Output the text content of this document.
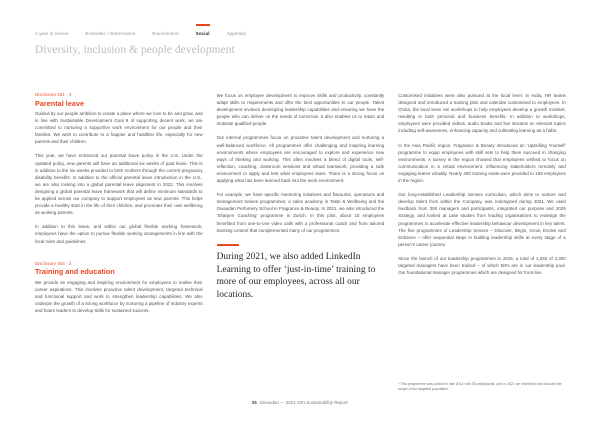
A year in review	Economic / Governance	Environment	Social	Appendix
Diversity, inclusion & people development
Disclosure 401 - 3
Parental leave

Guided by our people ambition to create a place where we love to be and grow, and in line with Sustainable Development Goal 8 of supporting decent work, we are committed to nurturing a supportive work environment for our people and their families. We wish to contribute to a happier and healthier life, especially for new parents and their children.

This year, we have enhanced our parental leave policy in the U.S. Under the updated policy, new parents will have an additional six weeks of paid leave. This is in addition to the six weeks provided to birth mothers through the current pregnancy disability benefits. In addition to the official parental leave introduction in the U.S., we are also looking into a global parental leave alignment in 2022. This involves designing a global parental leave framework that will define minimum standards to be applied across our company to support employees as new parents. This helps provide a healthy start in the life of their children, and promotes their own wellbeing as working parents.

In addition to this leave, and within our global flexible working framework, employees have the option to pursue flexible working arrangements in line with the local rules and guidelines.

Disclosure 404 - 2
Training and education

We provide an engaging and inspiring environment for employees to realise their career aspirations. This involves proactive talent development, targeted technical and functional support and work to strengthen leadership capabilities. We also underpin the growth of a strong workforce by nurturing a pipeline of industry experts and future leaders to develop skills for sustained success.

We focus on employee development to improve skills and productivity, constantly adapt skills to requirements and offer the best opportunities to our people. Talent development involves developing leadership capabilities and ensuring we have the people who can deliver on the needs of tomorrow. It also enables us to retain and motivate qualified people.

Our internal programmes focus on proactive talent development and nurturing a well-balanced workforce. All programmes offer challenging and inspiring learning environments where employees are encouraged to explore and experience new ways of thinking and working. This often involves a blend of digital tools, self-reflection, coaching, classroom sessions and virtual teamwork, providing a safe environment to apply and test what employees learn. There is a strong focus on applying what has been learned back into the work environment.

For example, we have specific mentoring initiatives and flavourist, operations and management trainee programmes; a sales academy in Taste & Wellbeing and the Givaudan Perfumery School in Fragrance & Beauty. In 2021, we also introduced the 'Sharpen Coaching' programme in Zurich. In this pilot, about 10 employees benefited from one-to-one video calls with a professional coach and from tailored learning content that complemented many of our programmes.

During 2021, we also added LinkedIn Learning to offer ‘just-in-time’ training to more of our employees, across all our locations.

Customised initiatives were also pursued at the local level. In India, HR teams designed and introduced a training plan and calendar customised to employees. In China, the local team ran workshops to help employees develop a growth mindset, resulting in both personal and business benefits. In addition to workshops, employees were provided videos, audio books and live streams on relevant topics including self-awareness, enhancing capacity and cultivating learning as a habit.

In the Asia Pacific region, Fragrance & Beauty introduced an ‘Upskilling Yourself’ programme to equip employees with skill sets to help them succeed in changing environments. A survey in the region showed that employees wished to focus on communication in a virtual environment, influencing stakeholders remotely and engaging teams virtually. Nearly 400 training seats were provided to 168 employees in the region.

Our long-established Leadership Senses curriculum, which aims to nurture and develop talent from within the Company, was redesigned during 2021. We used feedback from 300 managers and participants, integrated our purpose and 2025 strategy, and looked at case studies from leading organisations to redesign the programmes to accelerate effective leadership behaviour development in key talent. The five programmes of Leadership Senses – Discover, Begin, Grow, Evolve and Enhance – offer sequential steps in building leadership skills at every stage of a person's career journey.

Since the launch of our leadership programmes in 2015, a total of 1,292 of 2,300 targeted managers have been trained – of which 50% are in our leadership pool. Our foundational manager programmes which are designed for front-line

* This programme was piloted in late 2014 with 35 participants, and in 2021 we redefined and focused the scope of the targeted population.
91 Givaudan — 2021 GRI Sustainability Report
